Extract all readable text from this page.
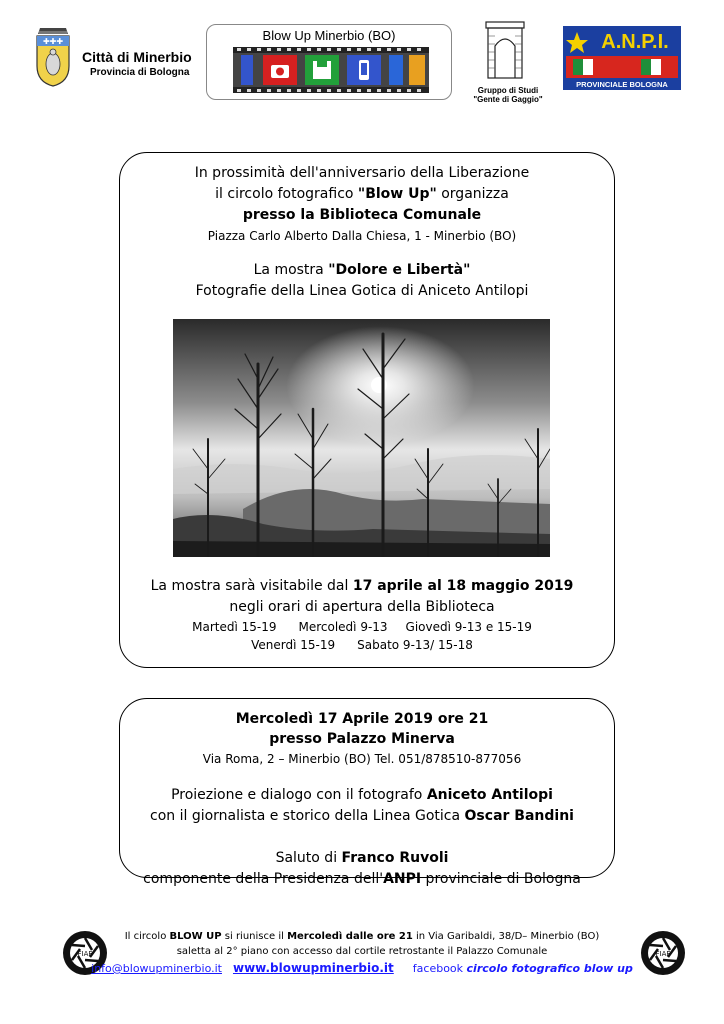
✚✚✚
Città di Minerbio
Provincia di Bologna
Blow Up Minerbio (BO)
Gruppo di Studi
"Gente di Gaggio"
A.N.P.I.
PROVINCIALE BOLOGNA
In prossimità dell'anniversario della Liberazione
il circolo fotografico "Blow Up" organizza
presso la Biblioteca Comunale
Piazza Carlo Alberto Dalla Chiesa, 1 - Minerbio (BO)
La mostra "Dolore e Libertà"
Fotografie della Linea Gotica di Aniceto Antilopi
La mostra sarà visitabile dal 17 aprile al 18 maggio 2019
negli orari di apertura della Biblioteca
Martedì 15-19 Mercoledì 9-13 Giovedì 9-13 e 15-19
Venerdì 15-19 Sabato 9-13/ 15-18
Mercoledì 17 Aprile 2019 ore 21
presso Palazzo Minerva
Via Roma, 2 – Minerbio (BO) Tel. 051/878510-877056
Proiezione e dialogo con il fotografo Aniceto Antilopi
con il giornalista e storico della Linea Gotica Oscar Bandini
Saluto di Franco Ruvoli
componente della Presidenza dell'ANPI provinciale di Bologna
FIAF	FIAF
Il circolo BLOW UP si riunisce il Mercoledì dalle ore 21 in Via Garibaldi, 38/D– Minerbio (BO)
saletta al 2° piano con accesso dal cortile retrostante il Palazzo Comunale
info@blowupminerbio.it www.blowupminerbio.it facebook circolo fotografico blow up
